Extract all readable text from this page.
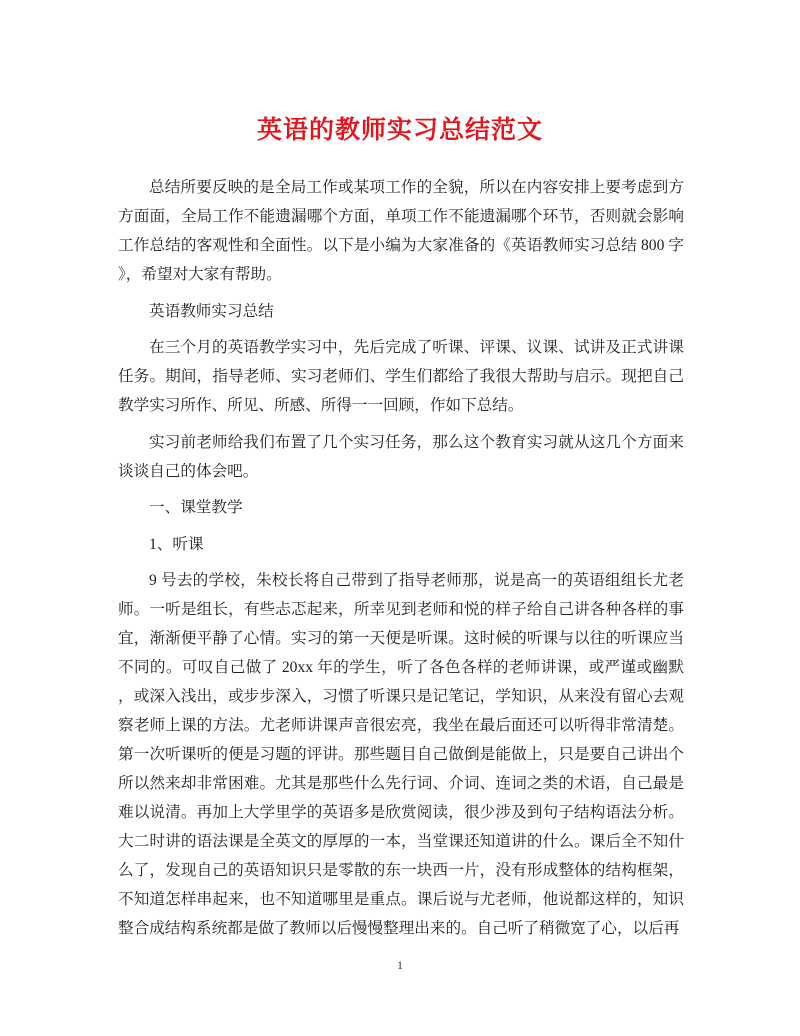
英语的教师实习总结范文
总结所要反映的是全局工作或某项工作的全貌，所以在内容安排上要考虑到方
方面面，全局工作不能遗漏哪个方面，单项工作不能遗漏哪个环节，否则就会影响
工作总结的客观性和全面性。以下是小编为大家准备的《英语教师实习总结 800 字
》，希望对大家有帮助。
英语教师实习总结
在三个月的英语教学实习中，先后完成了听课、评课、议课、试讲及正式讲课
任务。期间，指导老师、实习老师们、学生们都给了我很大帮助与启示。现把自己
教学实习所作、所见、所感、所得一一回顾，作如下总结。
实习前老师给我们布置了几个实习任务，那么这个教育实习就从这几个方面来
谈谈自己的体会吧。
一、课堂教学
1、听课
9 号去的学校，朱校长将自己带到了指导老师那，说是高一的英语组组长尤老
师。一听是组长，有些忐忑起来，所幸见到老师和悦的样子给自己讲各种各样的事
宜，渐渐便平静了心情。实习的第一天便是听课。这时候的听课与以往的听课应当
不同的。可叹自己做了 20xx 年的学生，听了各色各样的老师讲课，或严谨或幽默
，或深入浅出，或步步深入，习惯了听课只是记笔记，学知识，从来没有留心去观
察老师上课的方法。尤老师讲课声音很宏亮，我坐在最后面还可以听得非常清楚。
第一次听课听的便是习题的评讲。那些题目自己做倒是能做上，只是要自己讲出个
所以然来却非常困难。尤其是那些什么先行词、介词、连词之类的术语，自己最是
难以说清。再加上大学里学的英语多是欣赏阅读，很少涉及到句子结构语法分析。
大二时讲的语法课是全英文的厚厚的一本，当堂课还知道讲的什么。课后全不知什
么了，发现自己的英语知识只是零散的东一块西一片，没有形成整体的结构框架，
不知道怎样串起来，也不知道哪里是重点。课后说与尤老师，他说都这样的，知识
整合成结构系统都是做了教师以后慢慢整理出来的。自己听了稍微宽了心，以后再
1
